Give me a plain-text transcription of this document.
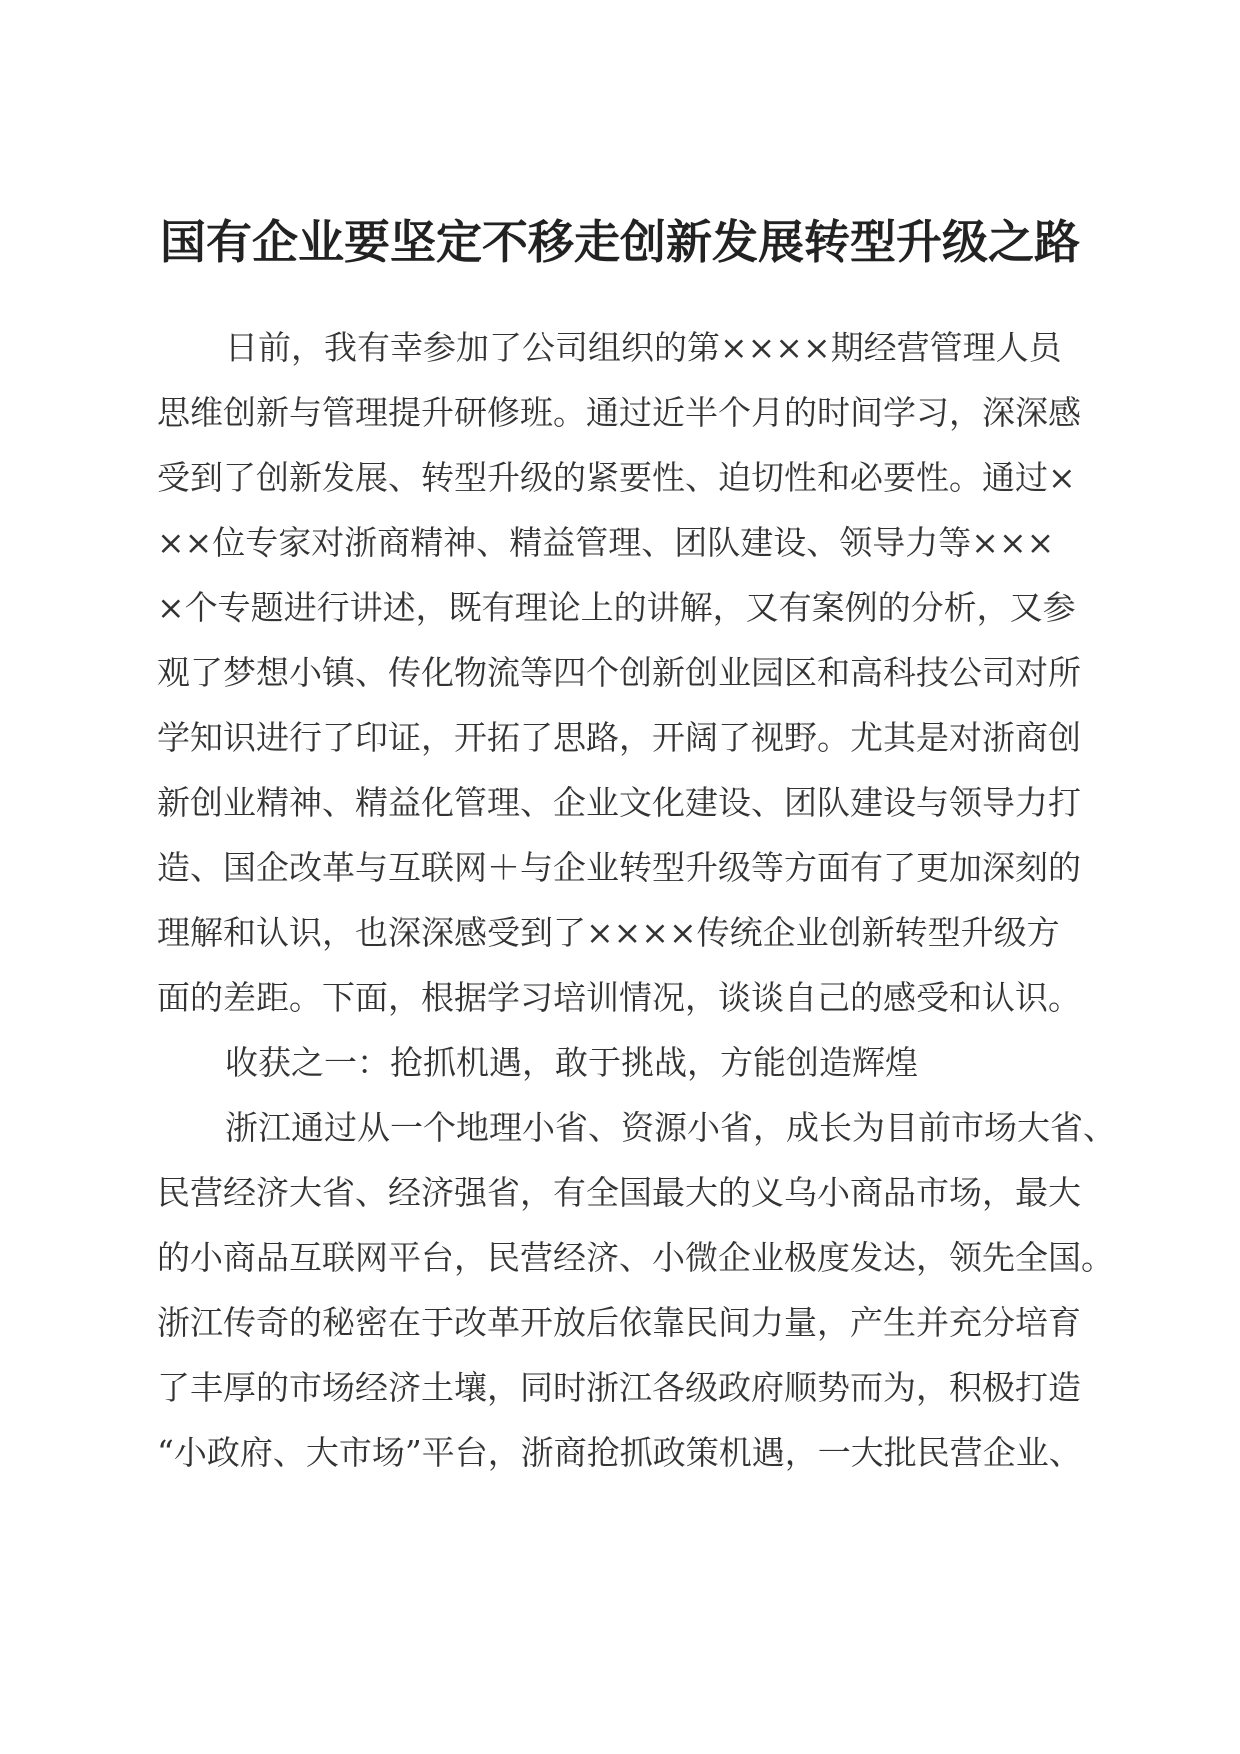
国有企业要坚定不移走创新发展转型升级之路
日前，我有幸参加了公司组织的第××××期经营管理人员
思维创新与管理提升研修班。通过近半个月的时间学习，深深感
受到了创新发展、转型升级的紧要性、迫切性和必要性。通过×
××位专家对浙商精神、精益管理、团队建设、领导力等×××
×个专题进行讲述，既有理论上的讲解，又有案例的分析，又参
观了梦想小镇、传化物流等四个创新创业园区和高科技公司对所
学知识进行了印证，开拓了思路，开阔了视野。尤其是对浙商创
新创业精神、精益化管理、企业文化建设、团队建设与领导力打
造、国企改革与互联网＋与企业转型升级等方面有了更加深刻的
理解和认识，也深深感受到了××××传统企业创新转型升级方
面的差距。下面，根据学习培训情况，谈谈自己的感受和认识。
收获之一：抢抓机遇，敢于挑战，方能创造辉煌
浙江通过从一个地理小省、资源小省，成长为目前市场大省、
民营经济大省、经济强省，有全国最大的义乌小商品市场，最大
的小商品互联网平台，民营经济、小微企业极度发达，领先全国。
浙江传奇的秘密在于改革开放后依靠民间力量，产生并充分培育
了丰厚的市场经济土壤，同时浙江各级政府顺势而为，积极打造
“小政府、大市场”平台，浙商抢抓政策机遇，一大批民营企业、
